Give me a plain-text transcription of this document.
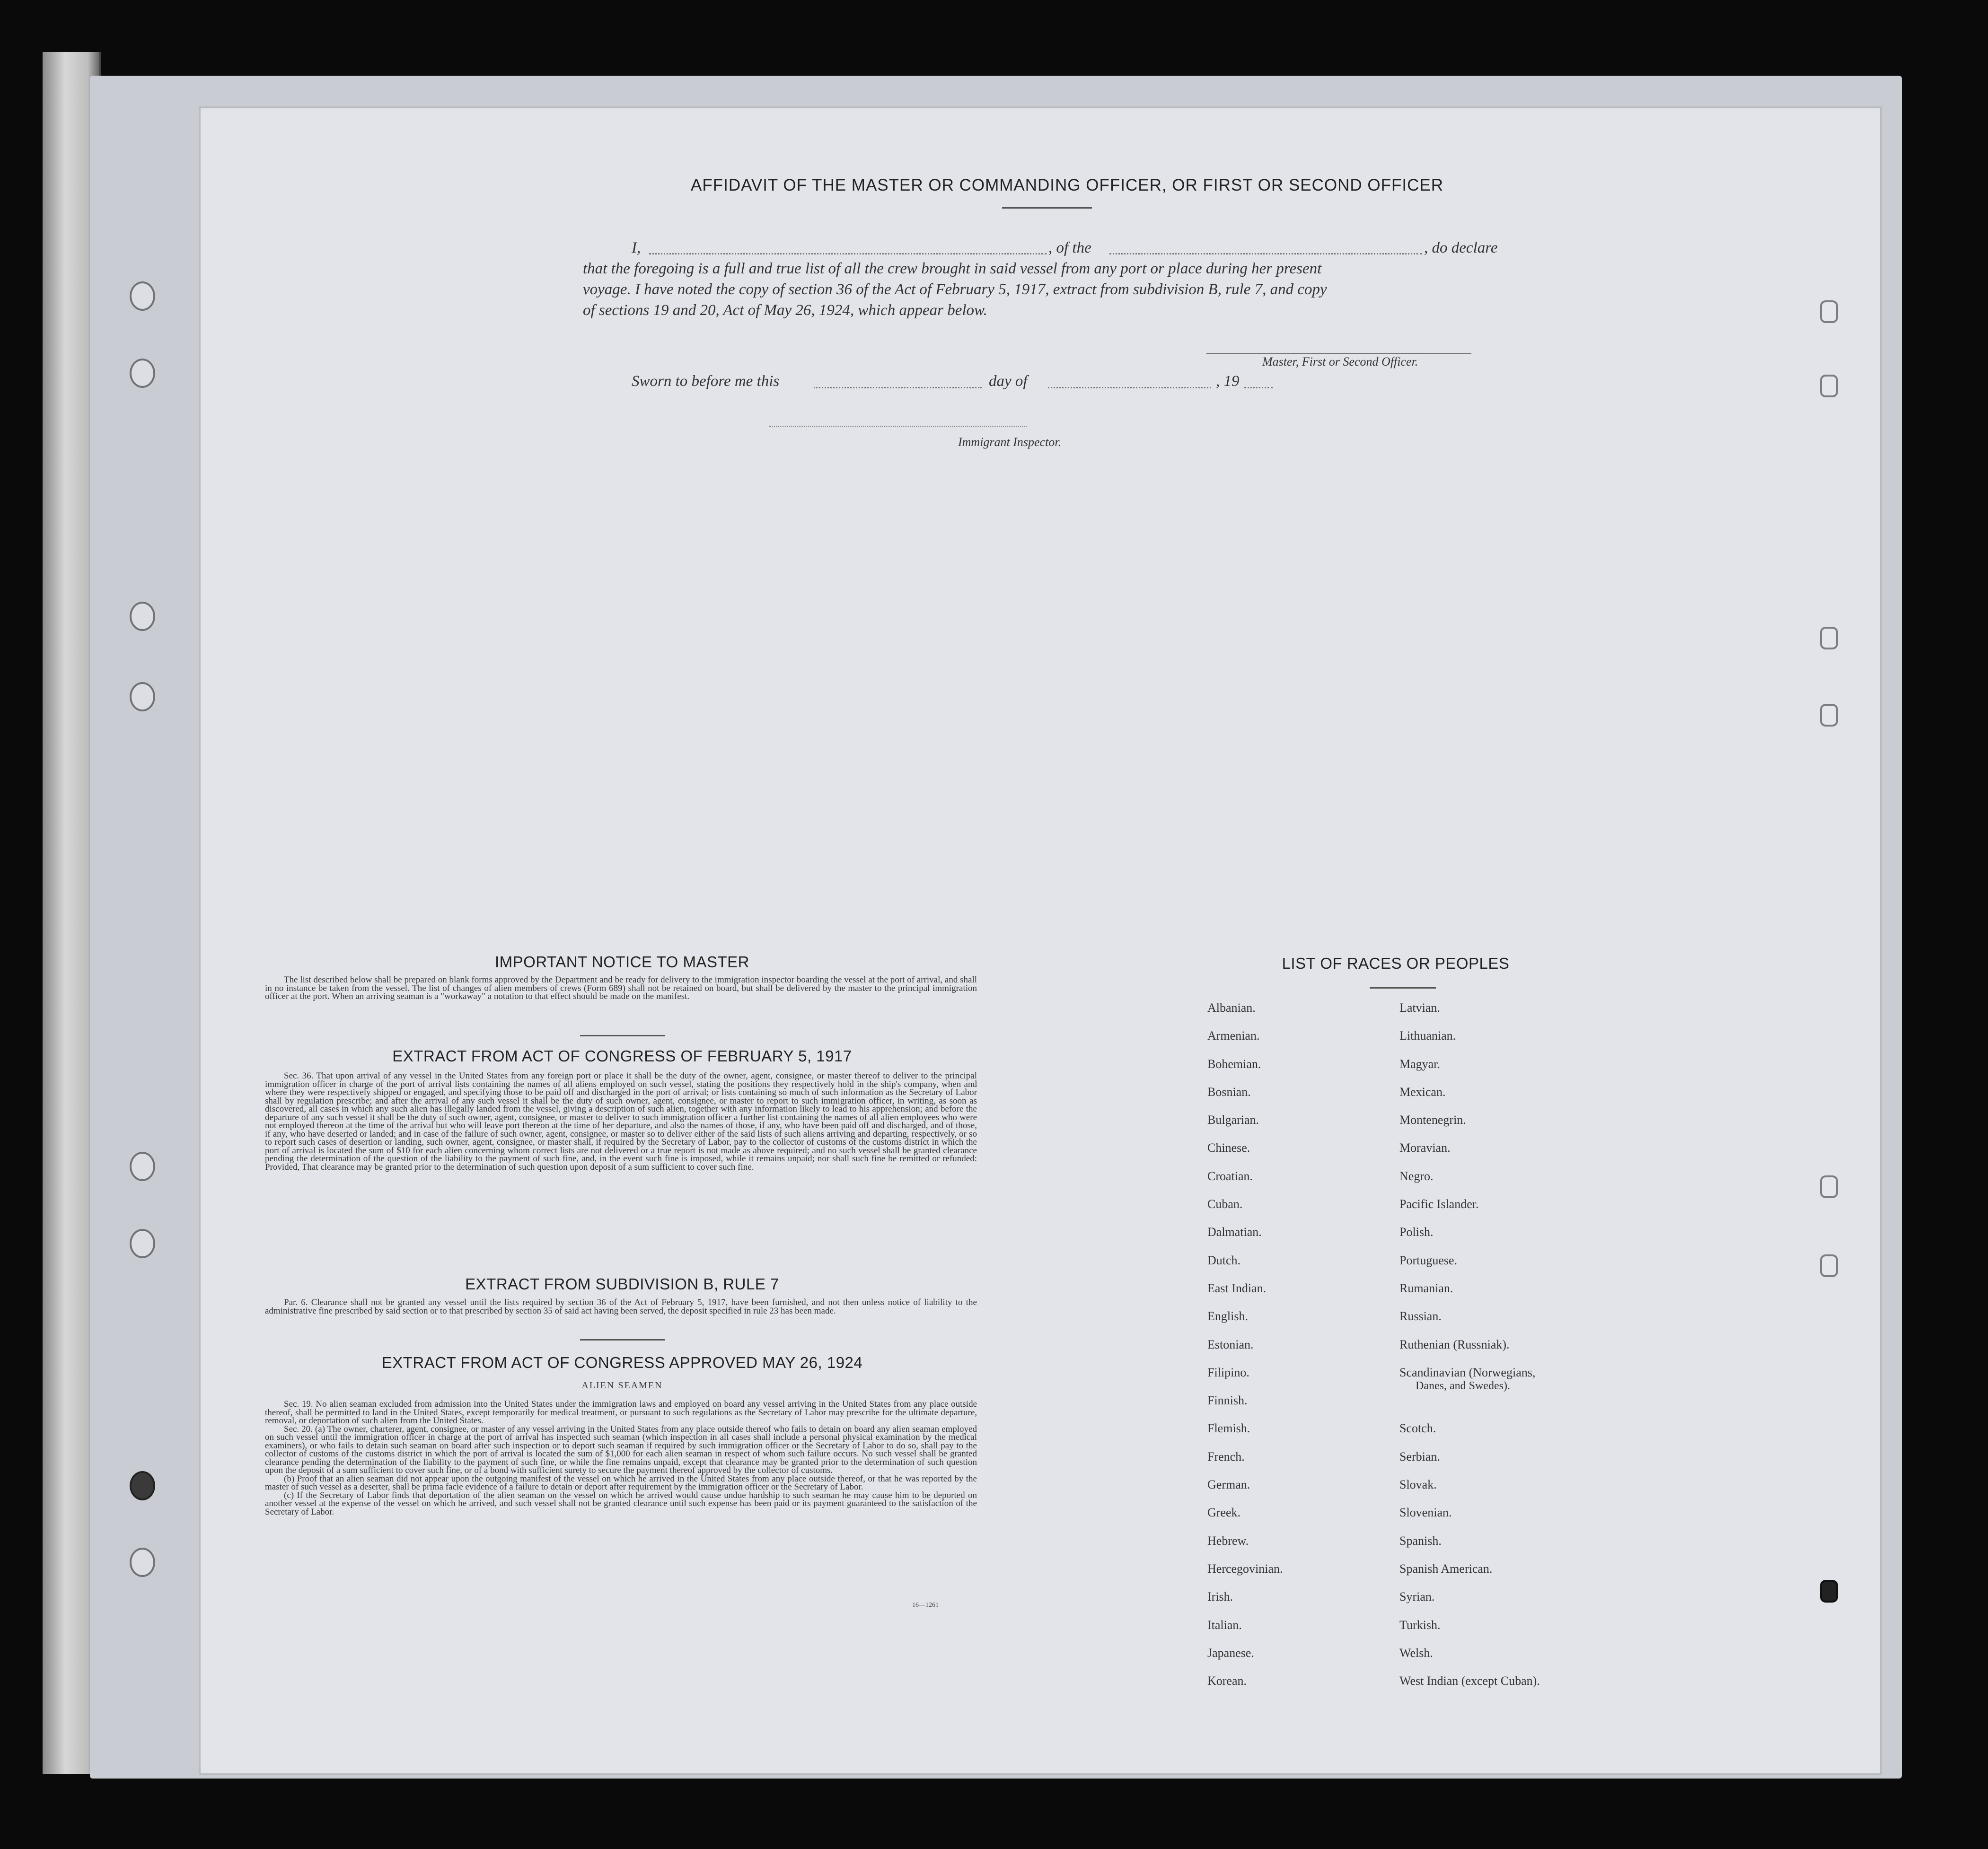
AFFIDAVIT OF THE MASTER OR COMMANDING OFFICER, OR FIRST OR SECOND OFFICER
I,	, of the	, do declare
that the foregoing is a full and true list of all the crew brought in said vessel from any port or place during her present
voyage. I have noted the copy of section 36 of the Act of February 5, 1917, extract from subdivision B, rule 7, and copy
of sections 19 and 20, Act of May 26, 1924, which appear below.
Master, First or Second Officer.
Sworn to before me this	day of	, 19
Immigrant Inspector.
IMPORTANT NOTICE TO MASTER

The list described below shall be prepared on blank forms approved by the Department and be ready for delivery to the immigration inspector boarding the vessel at the port of arrival, and shall in no instance be taken from the vessel. The list of changes of alien members of crews (Form 689) shall not be retained on board, but shall be delivered by the master to the principal immigration officer at the port. When an arriving seaman is a "workaway" a notation to that effect should be made on the manifest.

EXTRACT FROM ACT OF CONGRESS OF FEBRUARY 5, 1917

Sec. 36. That upon arrival of any vessel in the United States from any foreign port or place it shall be the duty of the owner, agent, consignee, or master thereof to deliver to the principal immigration officer in charge of the port of arrival lists containing the names of all aliens employed on such vessel, stating the positions they respectively hold in the ship's company, when and where they were respectively shipped or engaged, and specifying those to be paid off and discharged in the port of arrival; or lists containing so much of such information as the Secretary of Labor shall by regulation prescribe; and after the arrival of any such vessel it shall be the duty of such owner, agent, consignee, or master to report to such immigration officer, in writing, as soon as discovered, all cases in which any such alien has illegally landed from the vessel, giving a description of such alien, together with any information likely to lead to his apprehension; and before the departure of any such vessel it shall be the duty of such owner, agent, consignee, or master to deliver to such immigration officer a further list containing the names of all alien employees who were not employed thereon at the time of the arrival but who will leave port thereon at the time of her departure, and also the names of those, if any, who have been paid off and discharged, and of those, if any, who have deserted or landed; and in case of the failure of such owner, agent, consignee, or master so to deliver either of the said lists of such aliens arriving and departing, respectively, or so to report such cases of desertion or landing, such owner, agent, consignee, or master shall, if required by the Secretary of Labor, pay to the collector of customs of the customs district in which the port of arrival is located the sum of $10 for each alien concerning whom correct lists are not delivered or a true report is not made as above required; and no such vessel shall be granted clearance pending the determination of the question of the liability to the payment of such fine, and, in the event such fine is imposed, while it remains unpaid; nor shall such fine be remitted or refunded: Provided, That clearance may be granted prior to the determination of such question upon deposit of a sum sufficient to cover such fine.

EXTRACT FROM SUBDIVISION B, RULE 7

Par. 6. Clearance shall not be granted any vessel until the lists required by section 36 of the Act of February 5, 1917, have been furnished, and not then unless notice of liability to the administrative fine prescribed by said section or to that prescribed by section 35 of said act having been served, the deposit specified in rule 23 has been made.

EXTRACT FROM ACT OF CONGRESS APPROVED MAY 26, 1924
ALIEN SEAMEN

Sec. 19. No alien seaman excluded from admission into the United States under the immigration laws and employed on board any vessel arriving in the United States from any place outside thereof, shall be permitted to land in the United States, except temporarily for medical treatment, or pursuant to such regulations as the Secretary of Labor may prescribe for the ultimate departure, removal, or deportation of such alien from the United States.

Sec. 20. (a) The owner, charterer, agent, consignee, or master of any vessel arriving in the United States from any place outside thereof who fails to detain on board any alien seaman employed on such vessel until the immigration officer in charge at the port of arrival has inspected such seaman (which inspection in all cases shall include a personal physical examination by the medical examiners), or who fails to detain such seaman on board after such inspection or to deport such seaman if required by such immigration officer or the Secretary of Labor to do so, shall pay to the collector of customs of the customs district in which the port of arrival is located the sum of $1,000 for each alien seaman in respect of whom such failure occurs. No such vessel shall be granted clearance pending the determination of the liability to the payment of such fine, or while the fine remains unpaid, except that clearance may be granted prior to the determination of such question upon the deposit of a sum sufficient to cover such fine, or of a bond with sufficient surety to secure the payment thereof approved by the collector of customs.

(b) Proof that an alien seaman did not appear upon the outgoing manifest of the vessel on which he arrived in the United States from any place outside thereof, or that he was reported by the master of such vessel as a deserter, shall be prima facie evidence of a failure to detain or deport after requirement by the immigration officer or the Secretary of Labor.

(c) If the Secretary of Labor finds that deportation of the alien seaman on the vessel on which he arrived would cause undue hardship to such seaman he may cause him to be deported on another vessel at the expense of the vessel on which he arrived, and such vessel shall not be granted clearance until such expense has been paid or its payment guaranteed to the satisfaction of the Secretary of Labor.

16—1261
LIST OF RACES OR PEOPLES
Albanian.
Armenian.
Bohemian.
Bosnian.
Bulgarian.
Chinese.
Croatian.
Cuban.
Dalmatian.
Dutch.
East Indian.
English.
Estonian.
Filipino.
Finnish.
Flemish.
French.
German.
Greek.
Hebrew.
Hercegovinian.
Irish.
Italian.
Japanese.
Korean.
Latvian.
Lithuanian.
Magyar.
Mexican.
Montenegrin.
Moravian.
Negro.
Pacific Islander.
Polish.
Portuguese.
Rumanian.
Russian.
Ruthenian (Russniak).
Scandinavian (Norwegians,
Danes, and Swedes).
Scotch.
Serbian.
Slovak.
Slovenian.
Spanish.
Spanish American.
Syrian.
Turkish.
Welsh.
West Indian (except Cuban).
